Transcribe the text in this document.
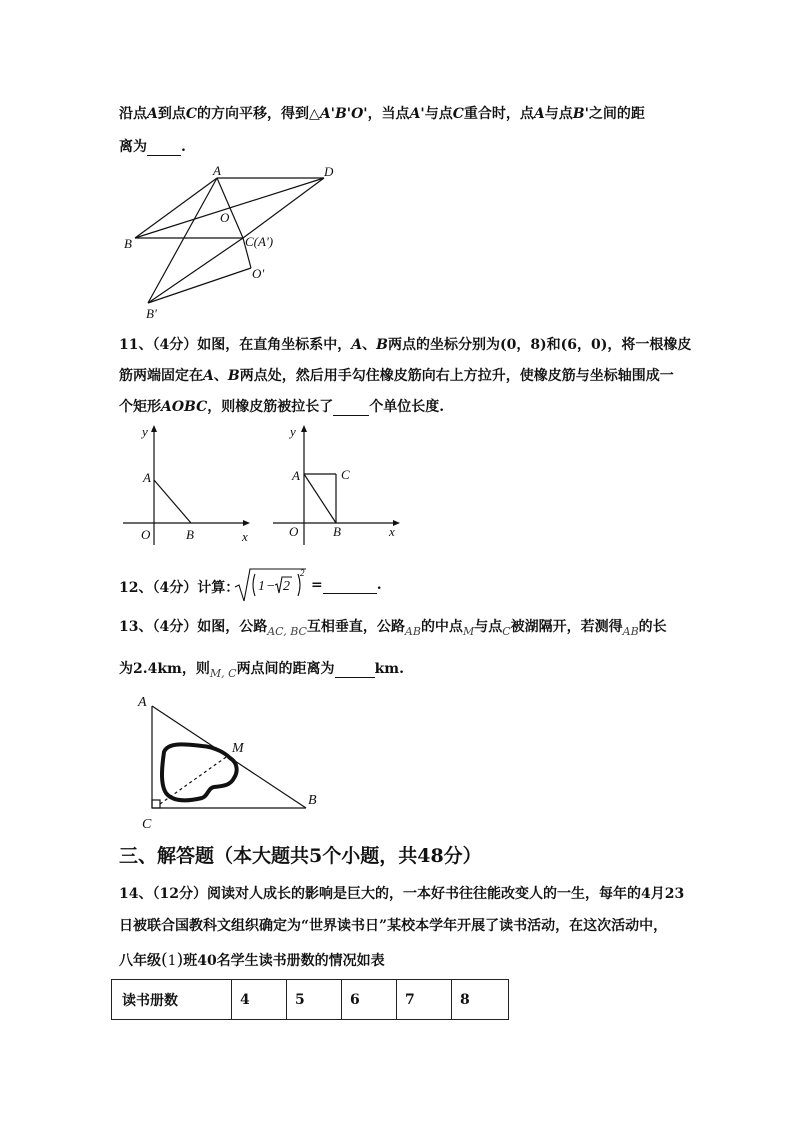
沿点A到点C的方向平移，得到△A'B'O'，当点A'与点C重合时，点A与点B'之间的距
离为 .
A	D
O
B	C(A')
O'
B'
11、（4分）如图，在直角坐标系中，A、B两点的坐标分别为(0，8)和(6，0)，将一根橡皮
筋两端固定在A、B两点处，然后用手勾住橡皮筋向右上方拉升，使橡皮筋与坐标轴围成一
个矩形AOBC，则橡皮筋被拉长了	个单位长度.
y
A
O	B	x
y
A	C
O	B	x
12、（4分）计算： 1 − 2
2
=	.
13、（4分）如图，公路$_{AC, BC}$互相垂直，公路$_{AB}$的中点$_M$与点$_C$被湖隔开，若测得$_{AB}$的长
为2.4km，则$_{M, C}$两点间的距离为	km.
A
M
B
C
三、解答题（本大题共5个小题，共48分）
14、（12分）阅读对人成长的影响是巨大的，一本好书往往能改变人的一生，每年的4月23
日被联合国教科文组织确定为“世界读书日”某校本学年开展了读书活动，在这次活动中，
八年级(1)班40名学生读书册数的情况如表
读书册数	4	5	6	7	8
